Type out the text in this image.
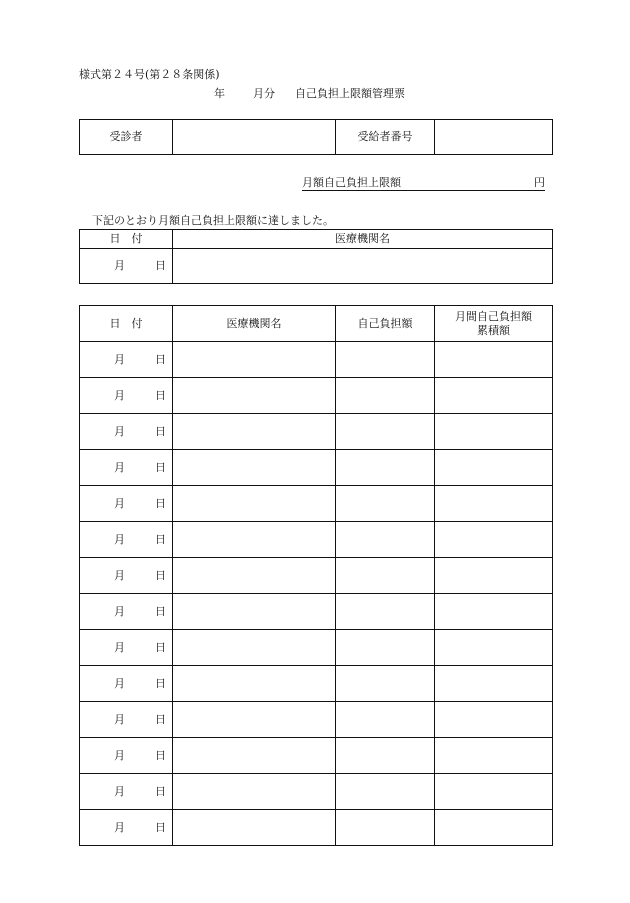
様式第２４号(第２８条関係)
年	月分 自己負担上限額管理票
受診者		受給者番号	
月額自己負担上限額	円
下記のとおり月額自己負担上限額に達しました。
日　付	医療機関名

月 日	

日　付	医療機関名	自己負担額	月間自己負担額
累積額

月 日			

月 日			

月 日			

月 日			

月 日			

月 日			

月 日			

月 日			

月 日			

月 日			

月 日			

月 日			

月 日			

月 日			
